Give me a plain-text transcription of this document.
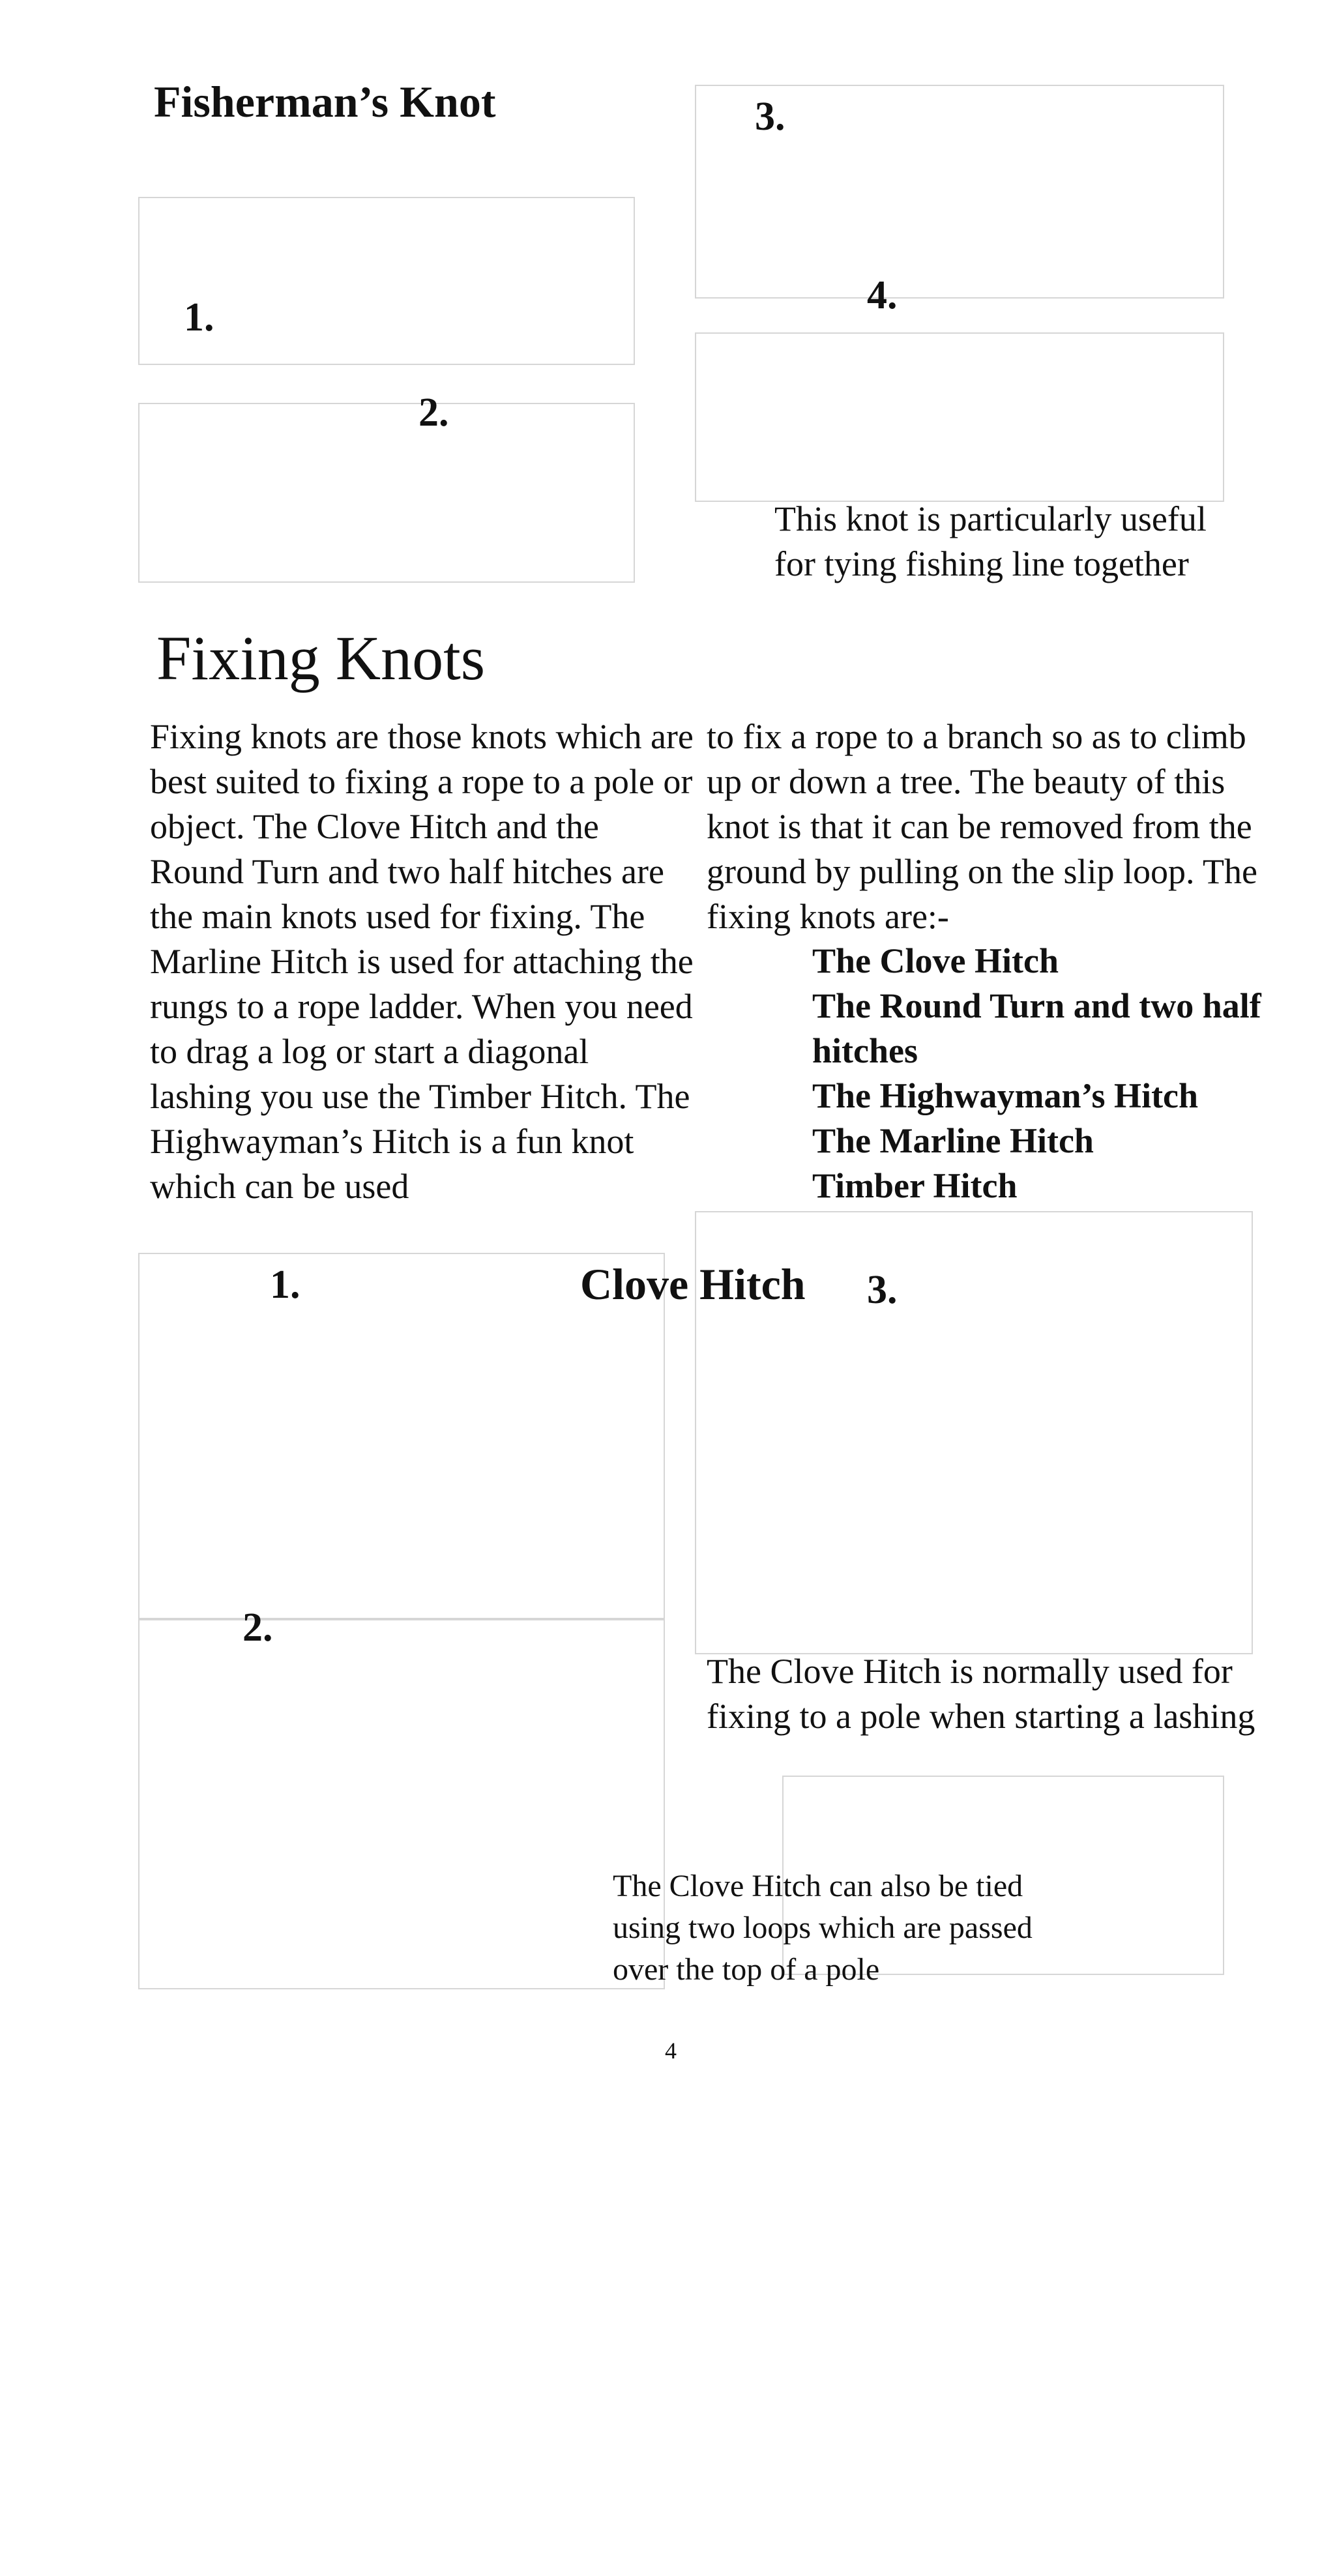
Fisherman’s Knot
1.
2.
3.
4.

This knot is particularly useful for tying fishing line together

Fixing Knots

Fixing knots are those knots which are best suited to fixing a rope to a pole or object. The Clove Hitch and the Round Turn and two half hitches are the main knots used for fixing. The Marline Hitch is used for attaching the rungs to a rope ladder. When you need to drag a log or start a diagonal lashing you use the Timber Hitch. The Highwayman’s Hitch is a fun knot which can be used

to fix a rope to a branch so as to climb up or down a tree. The beauty of this knot is that it can be removed from the ground by pulling on the slip loop. The fixing knots are:-

The Clove Hitch
The Round Turn and two half hitches
The Highwayman’s Hitch
The Marline Hitch
Timber Hitch
1.	Clove Hitch 3.
2.

The Clove Hitch is normally used for fixing to a pole when starting a lashing

The Clove Hitch can also be tied using two loops which are passed over the top of a pole

4
